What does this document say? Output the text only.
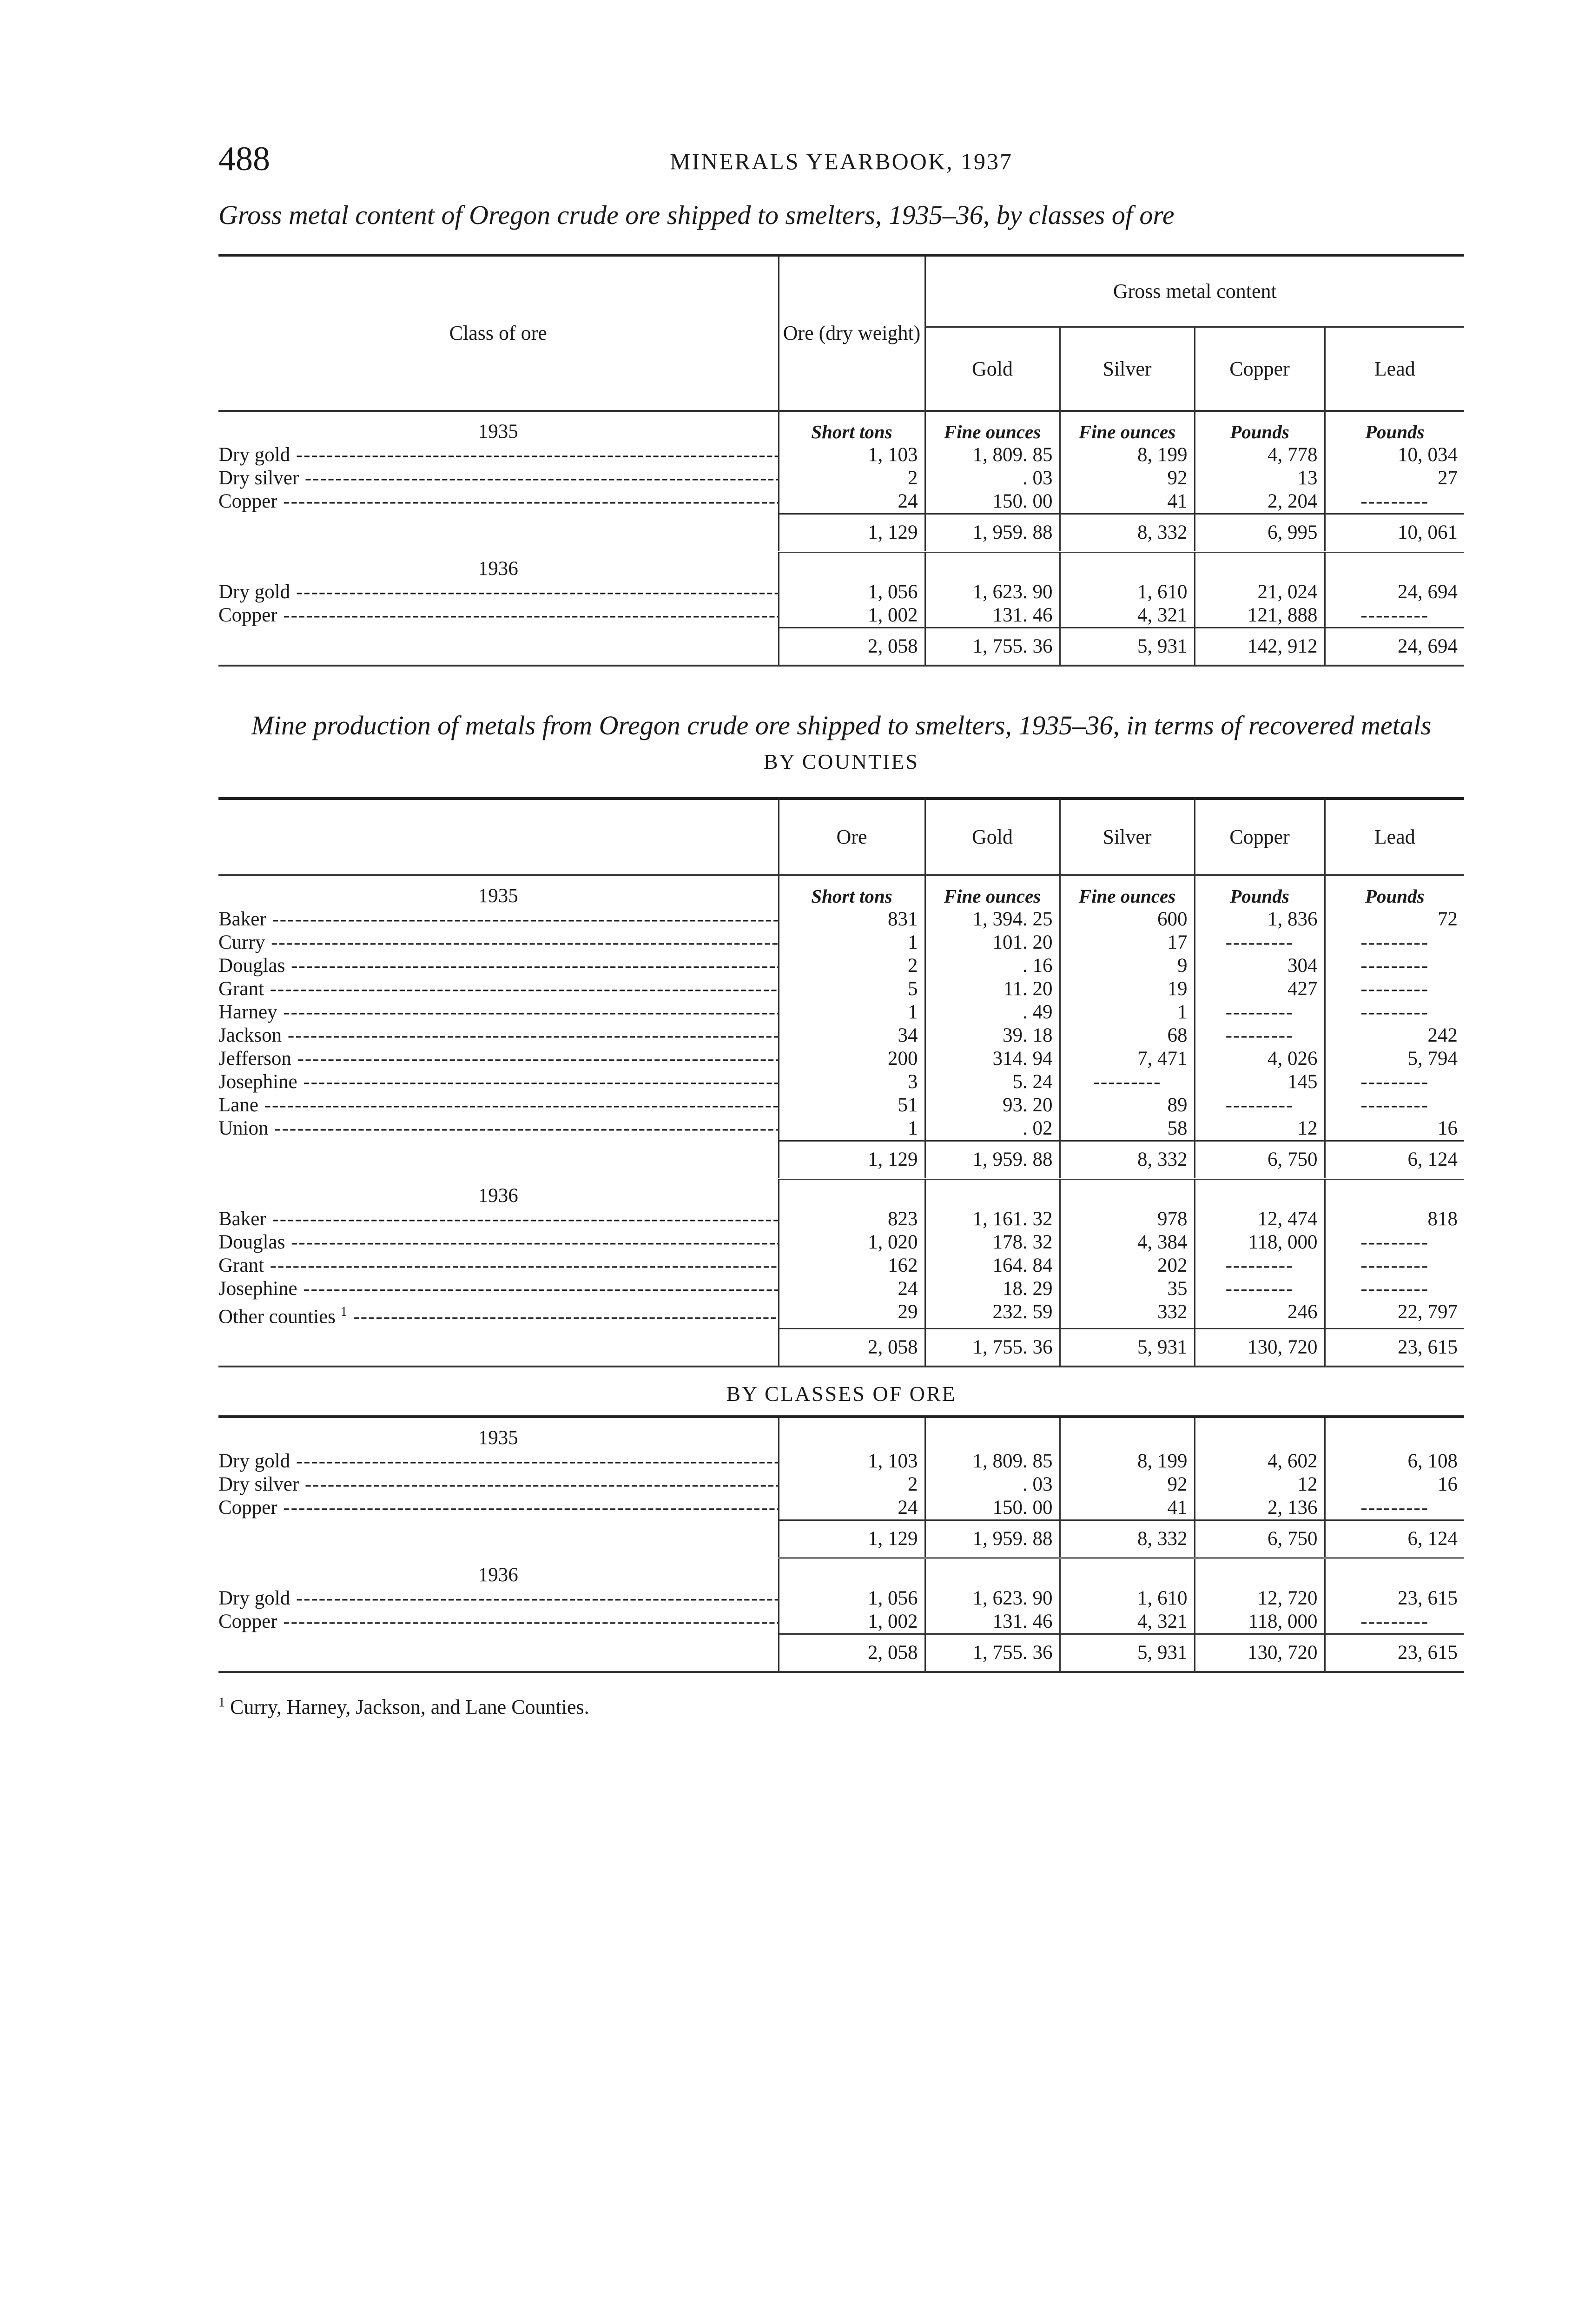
488	MINERALS YEARBOOK, 1937
Gross metal content of Oregon crude ore shipped to smelters, 1935–36, by classes of ore
Class of ore	Ore (dry weight)	Gross metal content			
		Gold	Silver	Copper	Lead
1935	Short tons	Fine ounces	Fine ounces	Pounds	Pounds
Dry gold -----	1, 103	1, 809. 85	8, 199	4, 778	10, 034
Dry silver -----	2	. 03	92	13	27
Copper -----	24	150. 00	41	2, 204	---------
	1, 129	1, 959. 88	8, 332	6, 995	10, 061

1936					
Dry gold -----	1, 056	1, 623. 90	1, 610	21, 024	24, 694
Copper -----	1, 002	131. 46	4, 321	121, 888	---------
	2, 058	1, 755. 36	5, 931	142, 912	24, 694

Mine production of metals from Oregon crude ore shipped to smelters, 1935–36, in terms of recovered metals
BY COUNTIES
	Ore	Gold	Silver	Copper	Lead
1935	Short tons	Fine ounces	Fine ounces	Pounds	Pounds
Baker -----	831	1, 394. 25	600	1, 836	72
Curry -----	1	101. 20	17	---------	---------
Douglas -----	2	. 16	9	304	---------
Grant -----	5	11. 20	19	427	---------
Harney -----	1	. 49	1	---------	---------
Jackson -----	34	39. 18	68	---------	242
Jefferson -----	200	314. 94	7, 471	4, 026	5, 794
Josephine -----	3	5. 24	---------	145	---------
Lane -----	51	93. 20	89	---------	---------
Union -----	1	. 02	58	12	16
	1, 129	1, 959. 88	8, 332	6, 750	6, 124

1936					
Baker -----	823	1, 161. 32	978	12, 474	818
Douglas -----	1, 020	178. 32	4, 384	118, 000	---------
Grant -----	162	164. 84	202	---------	---------
Josephine -----	24	18. 29	35	---------	---------
Other counties $^1$ -----	29	232. 59	332	246	22, 797
	2, 058	1, 755. 36	5, 931	130, 720	23, 615

BY CLASSES OF ORE
1935					
Dry gold -----	1, 103	1, 809. 85	8, 199	4, 602	6, 108
Dry silver -----	2	. 03	92	12	16
Copper -----	24	150. 00	41	2, 136	---------
	1, 129	1, 959. 88	8, 332	6, 750	6, 124

1936					
Dry gold -----	1, 056	1, 623. 90	1, 610	12, 720	23, 615
Copper -----	1, 002	131. 46	4, 321	118, 000	---------
	2, 058	1, 755. 36	5, 931	130, 720	23, 615

$^1$ Curry, Harney, Jackson, and Lane Counties.
